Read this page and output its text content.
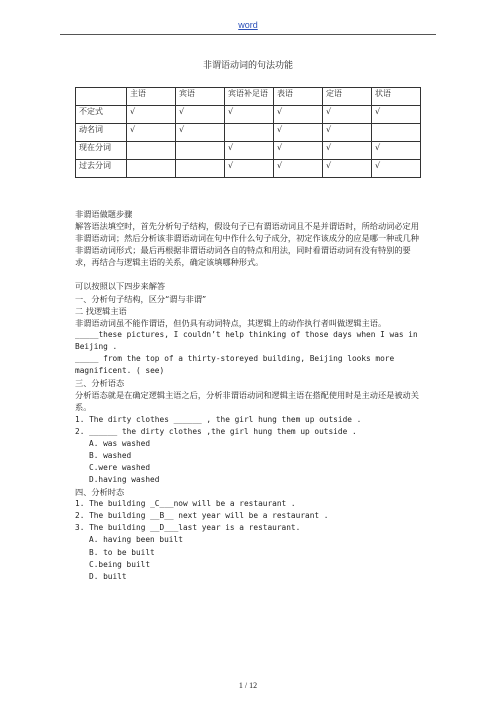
word
非谓语动词的句法功能
	主语	宾语	宾语补足语	表语	定语	状语
不定式	√	√	√	√	√	√
动名词	√	√		√	√	
现在分词			√	√	√	√
过去分词			√	√	√	√

非谓语做题步骤

解答语法填空时，首先分析句子结构，假设句子已有谓语动词且不是并谓语时，所给动词必定用非谓语动词；然后分析该非谓语动词在句中作什么句子成分，初定作该成分的应是哪一种或几种非谓语动词形式；最后再根据非谓语动词各自的特点和用法，同时看谓语动词有没有特别的要求，再结合与逻辑主语的关系，确定该填哪种形式。

可以按照以下四步来解答

一、分析句子结构，区分“谓与非谓”

二 找逻辑主语

非谓语动词虽不能作谓语，但仍具有动词特点，其逻辑上的动作执行者叫做逻辑主语。

_____these pictures, I couldn’t help thinking of those days when I was in Beijing .

_____ from the top of a thirty-storeyed building, Beijing looks more magnificent. ( see)

三、分析语态

分析语态就是在确定逻辑主语之后，分析非谓语动词和逻辑主语在搭配使用时是主动还是被动关系。

1. The dirty clothes ______ , the girl hung them up outside .

2. ______ the dirty clothes ,the girl hung them up outside .

A. was washed

B. washed

C.were washed

D.having washed

四、分析时态

1. The building _C___now will be a restaurant .

2. The building __B__ next year will be a restaurant .

3. The building __D___last year is a restaurant.

A. having been built

B. to be built

C.being built

D. built

1 / 12
